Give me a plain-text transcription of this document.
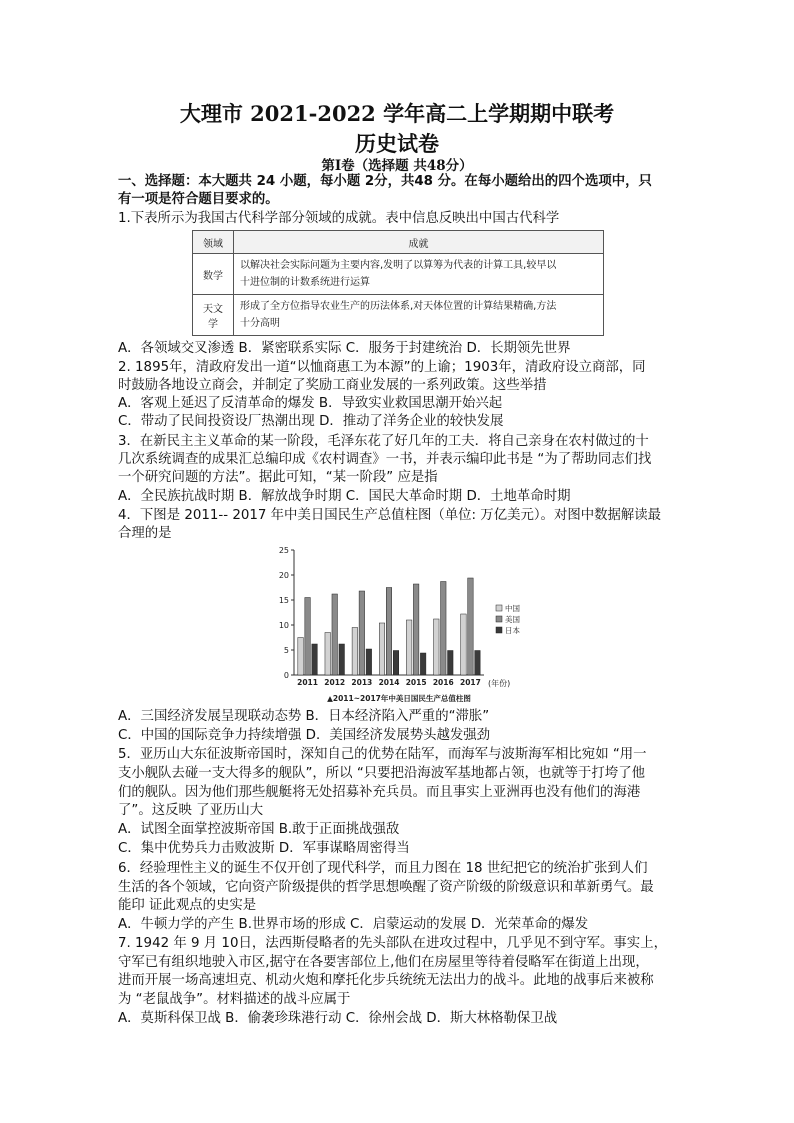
大理市 2021-2022 学年高二上学期期中联考
历史试卷
第Ⅰ卷（选择题 共48分）
一、选择题：本大题共 24 小题，每小题 2分，共48 分。在每小题给出的四个选项中，只
有一项是符合题目要求的。
1.下表所示为我国古代科学部分领域的成就。表中信息反映出中国古代科学
领域	成就
数学	以解决社会实际问题为主要内容,发明了以算筹为代表的计算工具,较早以
十进位制的计数系统进行运算

天文学	形成了全方位指导农业生产的历法体系,对天体位置的计算结果精确,方法
十分高明
A．各领域交叉渗透 B．紧密联系实际 C．服务于封建统治 D．长期领先世界
2. 1895年，清政府发出一道“以恤商惠工为本源”的上谕；1903年，清政府设立商部，同
时鼓励各地设立商会，并制定了奖励工商业发展的一系列政策。这些举措
A．客观上延迟了反清革命的爆发 B．导致实业救国思潮开始兴起
C．带动了民间投资设厂热潮出现 D．推动了洋务企业的较快发展
3．在新民主主义革命的某一阶段，毛泽东花了好几年的工夫．将自己亲身在农村做过的十
几次系统调查的成果汇总编印成《农村调查》一书，并表示编印此书是 “为了帮助同志们找
一个研究问题的方法”。据此可知，“某一阶段” 应是指
A．全民族抗战时期 B．解放战争时期 C．国民大革命时期 D．土地革命时期
4．下图是 2011-- 2017 年中美日国民生产总值柱图（单位: 万亿美元）。对图中数据解读最
合理的是
0
5
10
15
20
25
2011 2012 2013 2014 2015 2016 2017 (年份)
中国
美国
日本
▲2011~2017年中美日国民生产总值柱图
A．三国经济发展呈现联动态势 B．日本经济陷入严重的“滞胀”
C．中国的国际竞争力持续增强 D．美国经济发展势头越发强劲
5．亚历山大东征波斯帝国时，深知自己的优势在陆军，而海军与波斯海军相比宛如 “用一
支小舰队去碰一支大得多的舰队”，所以 “只要把沿海波军基地都占领，也就等于打垮了他
们的舰队。因为他们那些舰艇将无处招募补充兵员。而且事实上亚洲再也没有他们的海港
了”。这反映 了亚历山大
A．试图全面掌控波斯帝国 B.敢于正面挑战强敌
C．集中优势兵力击败波斯 D．军事谋略周密得当
6．经验理性主义的诞生不仅开创了现代科学，而且力图在 18 世纪把它的统治扩张到人们
生活的各个领域，它向资产阶级提供的哲学思想唤醒了资产阶级的阶级意识和革新勇气。最
能印 证此观点的史实是
A．牛顿力学的产生 B.世界市场的形成 C．启蒙运动的发展 D．光荣革命的爆发
7. 1942 年 9 月 10日，法西斯侵略者的先头部队在进攻过程中，几乎见不到守军。事实上，
守军已有组织地驶入市区,据守在各要害部位上,他们在房屋里等待着侵略军在街道上出现，
进而开展一场高速坦克、机动火炮和摩托化步兵统统无法出力的战斗。此地的战事后来被称
为 “老鼠战争”。材料描述的战斗应属于
A．莫斯科保卫战 B．偷袭珍珠港行动 C．徐州会战 D．斯大林格勒保卫战
